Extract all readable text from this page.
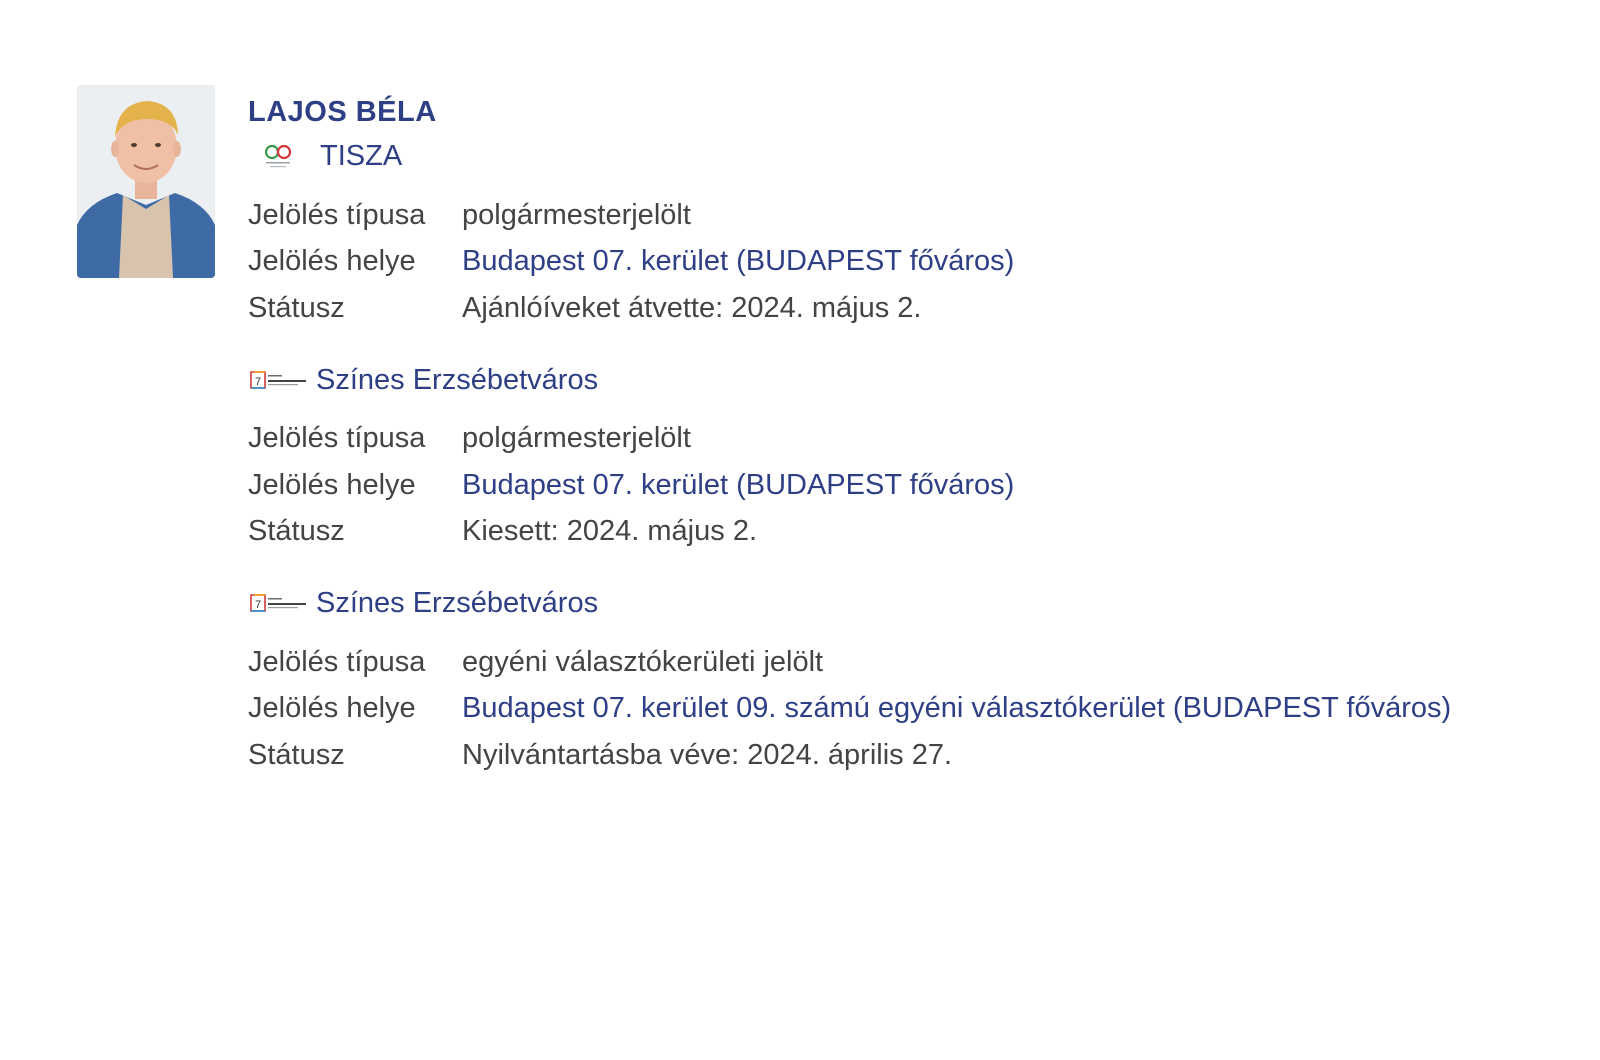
LAJOS BÉLA
TISZA
Jelölés típusa	polgármesterjelölt
Jelölés helye	Budapest 07. kerület (BUDAPEST főváros)
Státusz	Ajánlóíveket átvette: 2024. május 2.
7 Színes Erzsébetváros
Jelölés típusa	polgármesterjelölt
Jelölés helye	Budapest 07. kerület (BUDAPEST főváros)
Státusz	Kiesett: 2024. május 2.
7 Színes Erzsébetváros
Jelölés típusa	egyéni választókerületi jelölt
Jelölés helye	Budapest 07. kerület 09. számú egyéni választókerület (BUDAPEST főváros)
Státusz	Nyilvántartásba véve: 2024. április 27.
